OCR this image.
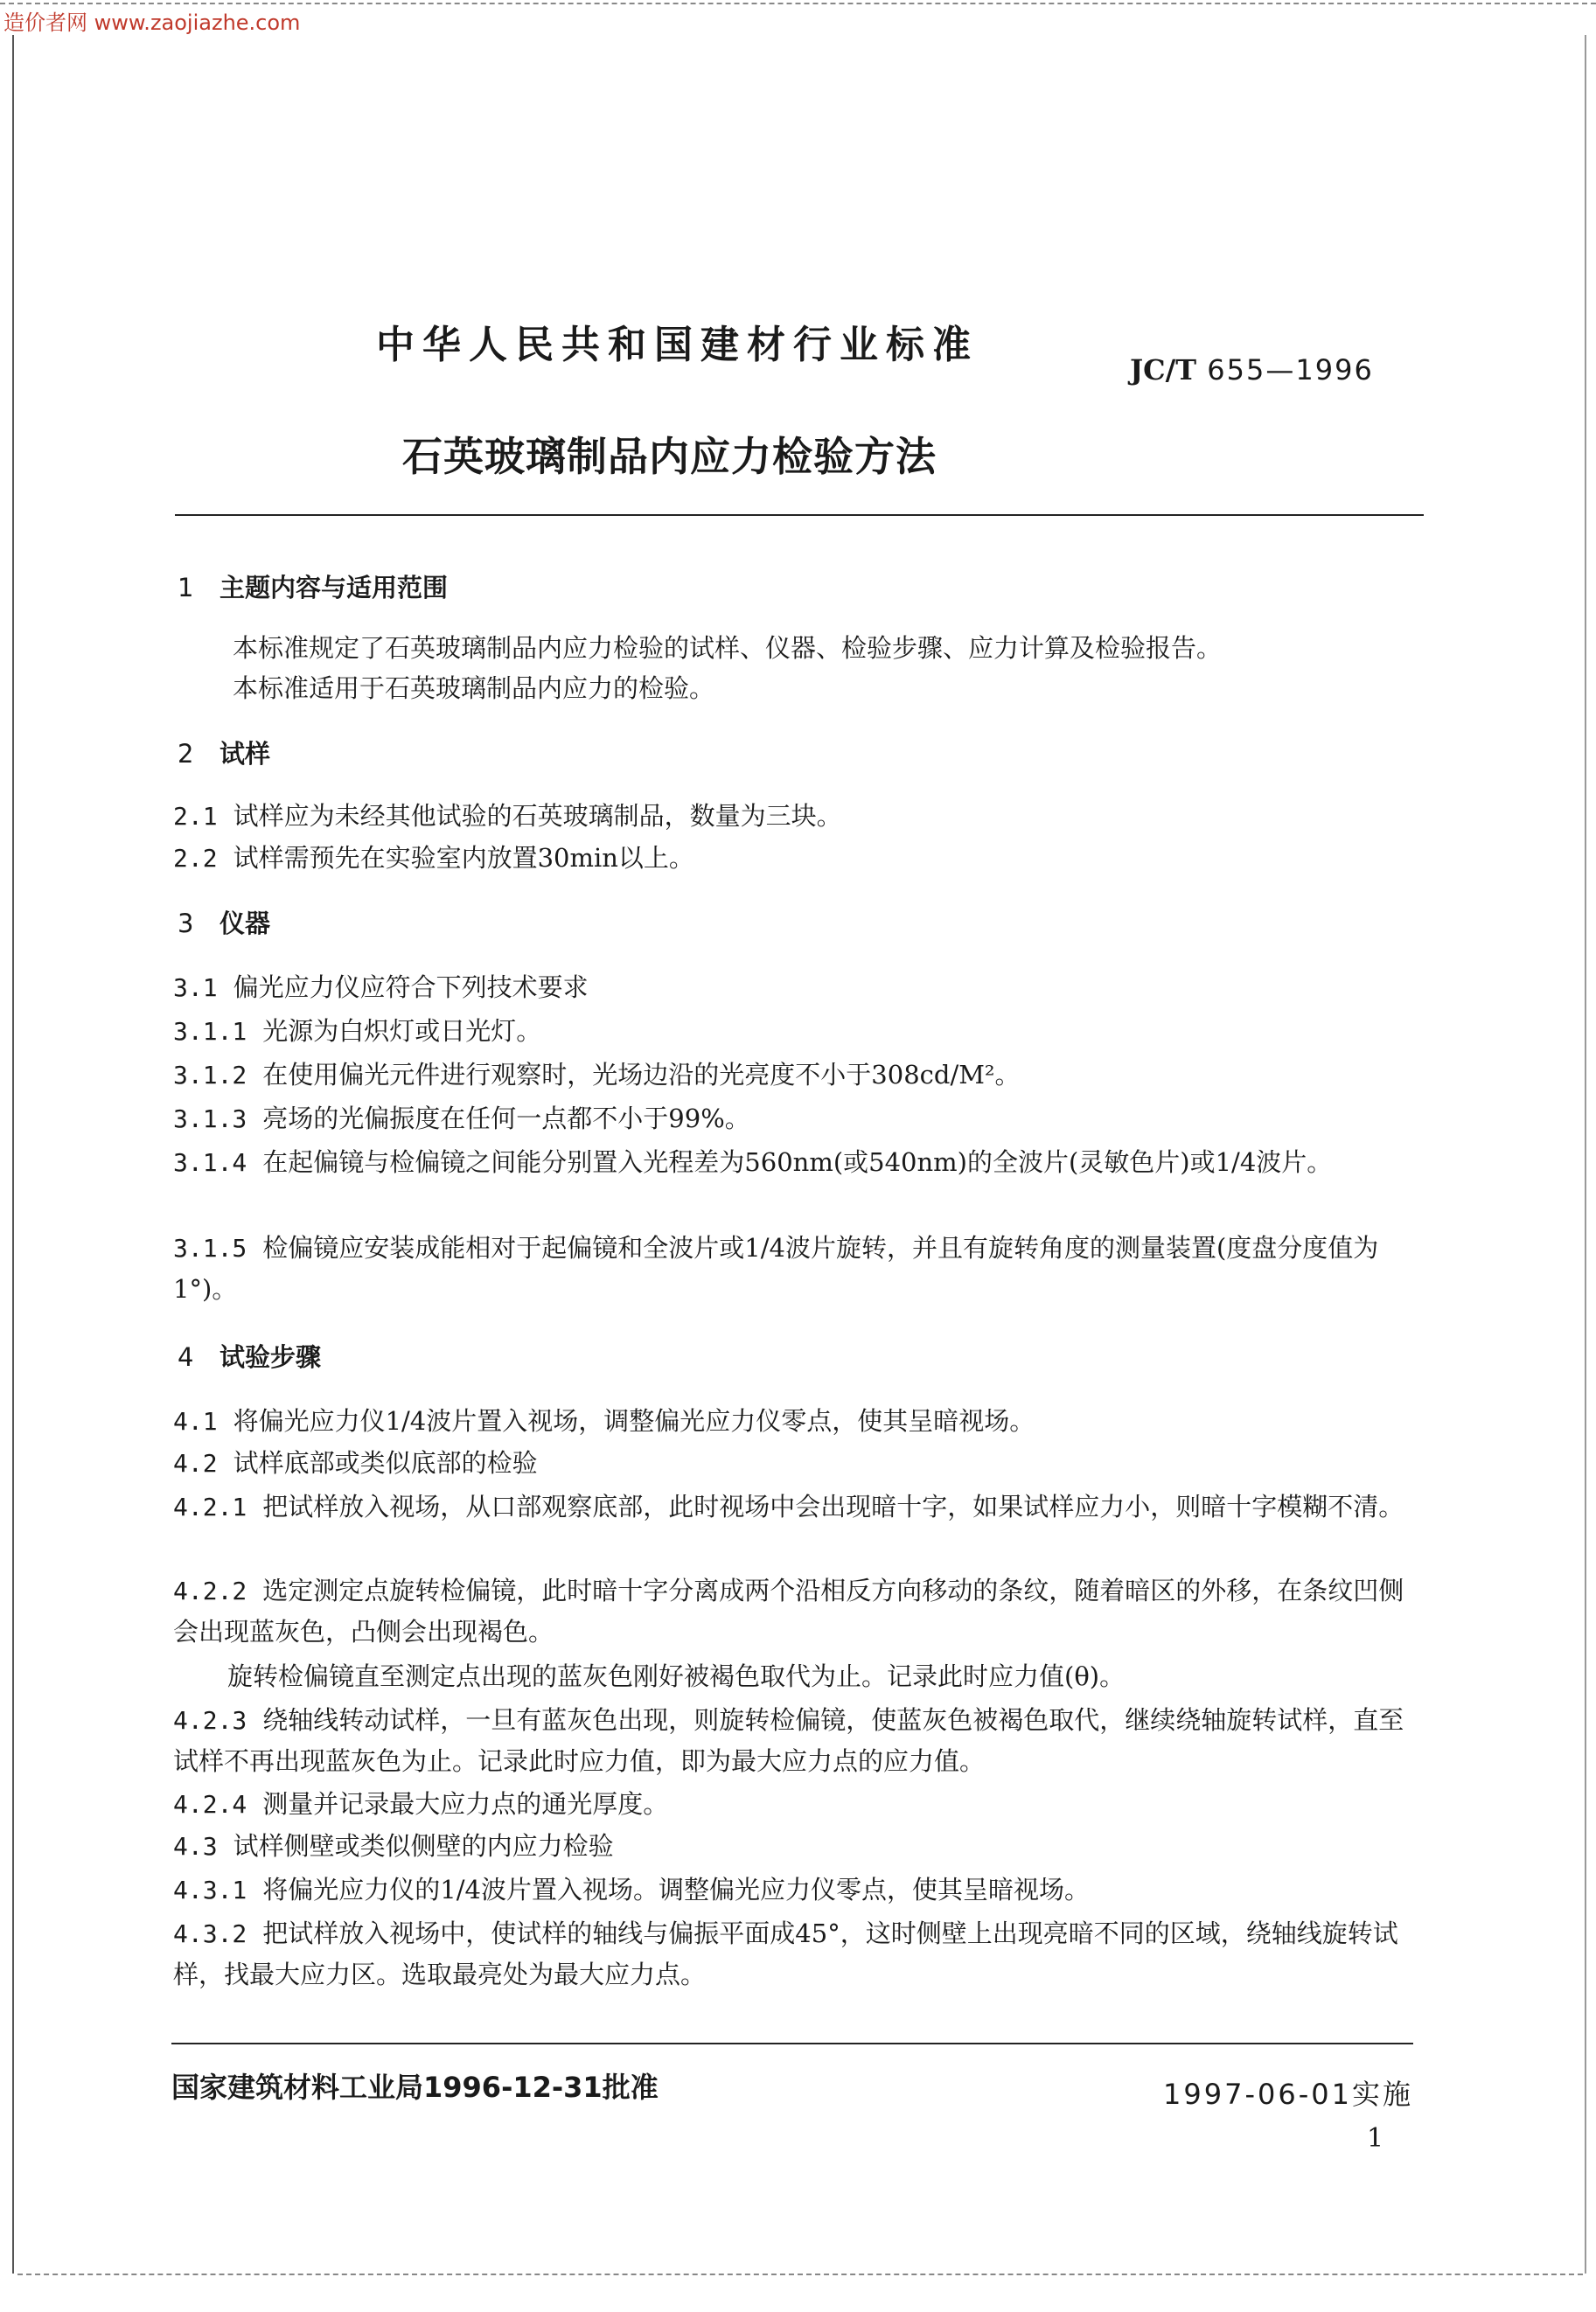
造价者网 www.zaojiazhe.com
中华人民共和国建材行业标准
JC/T 655—1996
石英玻璃制品内应力检验方法
1 主题内容与适用范围
本标准规定了石英玻璃制品内应力检验的试样、仪器、检验步骤、应力计算及检验报告。
本标准适用于石英玻璃制品内应力的检验。
2 试样
2.1 试样应为未经其他试验的石英玻璃制品，数量为三块。
2.2 试样需预先在实验室内放置30min以上。
3 仪器
3.1 偏光应力仪应符合下列技术要求
3.1.1 光源为白炽灯或日光灯。
3.1.2 在使用偏光元件进行观察时，光场边沿的光亮度不小于308cd/M²。
3.1.3 亮场的光偏振度在任何一点都不小于99%。
3.1.4 在起偏镜与检偏镜之间能分别置入光程差为560nm(或540nm)的全波片(灵敏色片)或1/4波片。
3.1.5 检偏镜应安装成能相对于起偏镜和全波片或1/4波片旋转，并且有旋转角度的测量装置(度盘分度值为1°)。
4 试验步骤
4.1 将偏光应力仪1/4波片置入视场，调整偏光应力仪零点，使其呈暗视场。
4.2 试样底部或类似底部的检验
4.2.1 把试样放入视场，从口部观察底部，此时视场中会出现暗十字，如果试样应力小，则暗十字模糊不清。
4.2.2 选定测定点旋转检偏镜，此时暗十字分离成两个沿相反方向移动的条纹，随着暗区的外移，在条纹凹侧会出现蓝灰色，凸侧会出现褐色。
旋转检偏镜直至测定点出现的蓝灰色刚好被褐色取代为止。记录此时应力值(θ)。
4.2.3 绕轴线转动试样，一旦有蓝灰色出现，则旋转检偏镜，使蓝灰色被褐色取代，继续绕轴旋转试样，直至试样不再出现蓝灰色为止。记录此时应力值，即为最大应力点的应力值。
4.2.4 测量并记录最大应力点的通光厚度。
4.3 试样侧壁或类似侧壁的内应力检验
4.3.1 将偏光应力仪的1/4波片置入视场。调整偏光应力仪零点，使其呈暗视场。
4.3.2 把试样放入视场中，使试样的轴线与偏振平面成45°，这时侧壁上出现亮暗不同的区域，绕轴线旋转试样，找最大应力区。选取最亮处为最大应力点。
国家建筑材料工业局1996-12-31批准	1997-06-01实施
1
